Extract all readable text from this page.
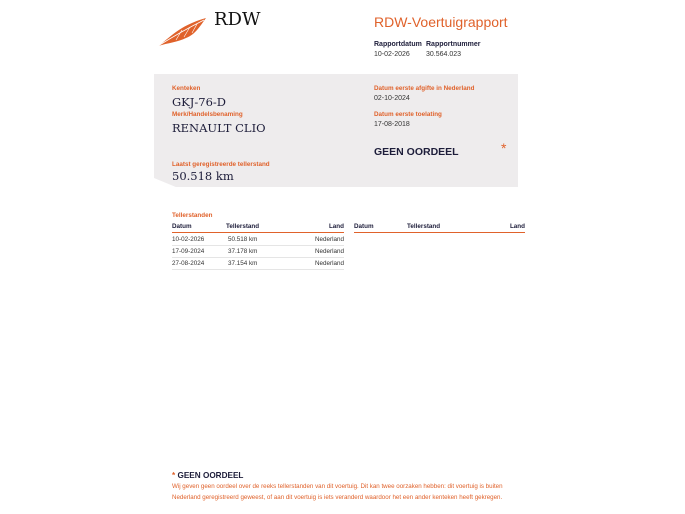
RDW	RDW-Voertuigrapport
Rapportdatum
10-02-2026
Rapportnummer
30.564.023
Kenteken
GKJ-76-D
Merk/Handelsbenaming
RENAULT CLIO
Datum eerste afgifte in Nederland
02-10-2024
Datum eerste toelating
17-08-2018
GEEN OORDEEL	*
Laatst geregistreerde tellerstand
50.518 km
Tellerstanden
Datum	Tellerstand	Land Datum	Tellerstand	Land
10-02-2026	50.518 km	Nederland
17-09-2024	37.178 km	Nederland
27-08-2024	37.154 km	Nederland
* GEEN OORDEEL
Wij geven geen oordeel over de reeks tellerstanden van dit voertuig. Dit kan twee oorzaken hebben: dit voertuig is buiten Nederland geregistreerd geweest, of aan dit voertuig is iets veranderd waardoor het een ander kenteken heeft gekregen.
